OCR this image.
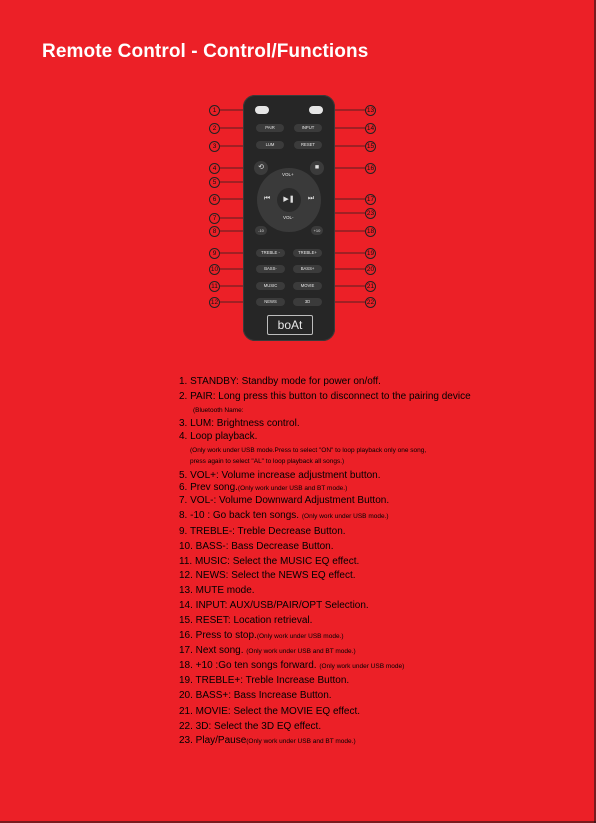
Remote Control - Control/Functions
PAIR	INPUT
LUM	RESET
⟲	■
▶❚
VOL+
VOL-
⏮	⏭
-10	+10
TREBLE -	TREBLE+
BASS-	BASS+
MUSIC	MOVIE
NEWS	3D
boAt
1
2
3
4
5
6
7
8
9
10
11
12
13
14
15
16
17
23
18
19
20
21
22
1. STANDBY: Standby mode for power on/off.
2. PAIR: Long press this button to disconnect to the pairing device
(Bluetooth Name:
3. LUM: Brightness control.
4. Loop playback.
(Only work under USB mode.Press to select "ON" to loop playback only one song,
press again to select "AL" to loop playback all songs.)
5. VOL+: Volume increase adjustment button.
6. Prev song.(Only work under USB and BT mode.)
7. VOL-: Volume Downward Adjustment Button.
8. -10 : Go back ten songs. (Only work under USB mode.)
9. TREBLE-: Treble Decrease Button.
10. BASS-: Bass Decrease Button.
11. MUSIC: Select the MUSIC EQ effect.
12. NEWS: Select the NEWS EQ effect.
13. MUTE mode.
14. INPUT: AUX/USB/PAIR/OPT Selection.
15. RESET: Location retrieval.
16. Press to stop.(Only work under USB mode.)
17. Next song. (Only work under USB and BT mode.)
18. +10 :Go ten songs forward. (Only work under USB mode)
19. TREBLE+: Treble Increase Button.
20. BASS+: Bass Increase Button.
21. MOVIE: Select the MOVIE EQ effect.
22. 3D: Select the 3D EQ effect.
23. Play/Pause(Only work under USB and BT mode.)
